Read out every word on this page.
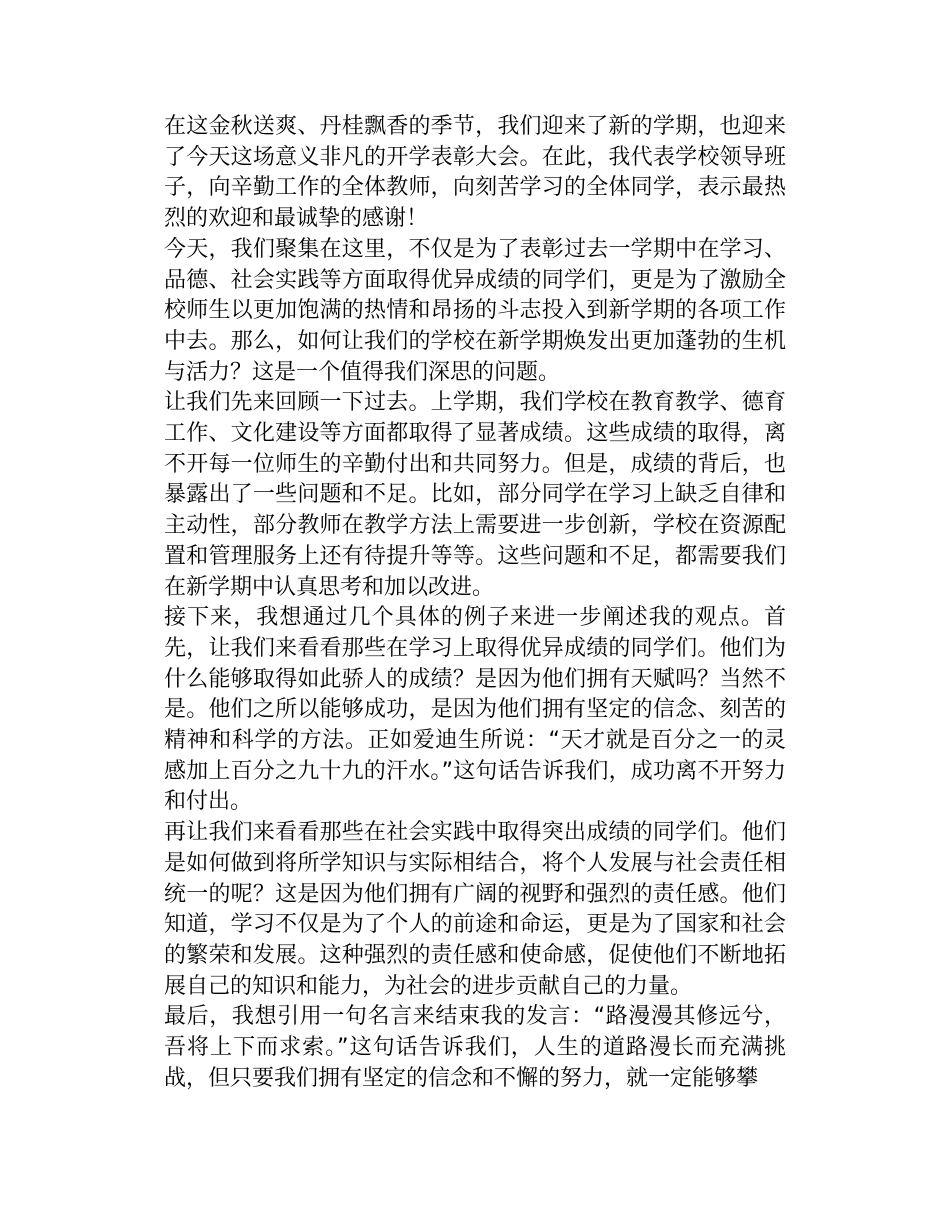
在这金秋送爽、丹桂飘香的季节，我们迎来了新的学期，也迎来了今天这场意义非凡的开学表彰大会。在此，我代表学校领导班子，向辛勤工作的全体教师，向刻苦学习的全体同学，表示最热烈的欢迎和最诚挚的感谢！

今天，我们聚集在这里，不仅是为了表彰过去一学期中在学习、品德、社会实践等方面取得优异成绩的同学们，更是为了激励全校师生以更加饱满的热情和昂扬的斗志投入到新学期的各项工作中去。那么，如何让我们的学校在新学期焕发出更加蓬勃的生机与活力？这是一个值得我们深思的问题。

让我们先来回顾一下过去。上学期，我们学校在教育教学、德育工作、文化建设等方面都取得了显著成绩。这些成绩的取得，离不开每一位师生的辛勤付出和共同努力。但是，成绩的背后，也暴露出了一些问题和不足。比如，部分同学在学习上缺乏自律和主动性，部分教师在教学方法上需要进一步创新，学校在资源配置和管理服务上还有待提升等等。这些问题和不足，都需要我们在新学期中认真思考和加以改进。

接下来，我想通过几个具体的例子来进一步阐述我的观点。首先，让我们来看看那些在学习上取得优异成绩的同学们。他们为什么能够取得如此骄人的成绩？是因为他们拥有天赋吗？当然不是。他们之所以能够成功，是因为他们拥有坚定的信念、刻苦的精神和科学的方法。正如爱迪生所说：“天才就是百分之一的灵感加上百分之九十九的汗水。”这句话告诉我们，成功离不开努力和付出。

再让我们来看看那些在社会实践中取得突出成绩的同学们。他们是如何做到将所学知识与实际相结合，将个人发展与社会责任相统一的呢？这是因为他们拥有广阔的视野和强烈的责任感。他们知道，学习不仅是为了个人的前途和命运，更是为了国家和社会的繁荣和发展。这种强烈的责任感和使命感，促使他们不断地拓展自己的知识和能力，为社会的进步贡献自己的力量。

最后，我想引用一句名言来结束我的发言：“路漫漫其修远兮，吾将上下而求索。”这句话告诉我们，人生的道路漫长而充满挑战，但只要我们拥有坚定的信念和不懈的努力，就一定能够攀
